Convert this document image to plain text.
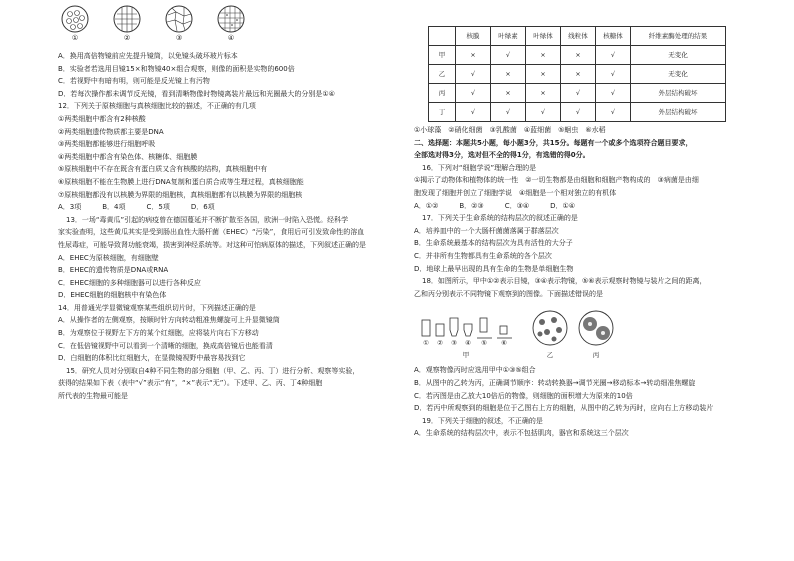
①	②	③	④
A．换用高倍物镜前应先提升镜筒，以免镜头破坏玻片标本
B．实验者若选用目镜15×和物镜40×组合观察，则像的面积是实物的600倍
C．若视野中有暗有明，则可能是反光镜上有污物
D．若每次操作都未调节反光镜，看到清晰物像时物镜离装片最远和光圈最大的分别是①④
12．下列关于原核细胞与真核细胞比较的描述，不正确的有几项
①两类细胞中都含有2种核酸
②两类细胞遗传物质都主要是DNA
③两类细胞都能够进行细胞呼吸
④两类细胞中都含有染色体、核糖体、细胞膜
⑤原核细胞中不存在既含有蛋白质又含有核酸的结构，真核细胞中有
⑥原核细胞不能在生物膜上进行DNA复制和蛋白质合成等生理过程，真核细胞能
⑦原核细胞都没有以核膜为界限的细胞核，真核细胞都有以核膜为界限的细胞核
A．3项　　　B．4项　　　C．5项　　　D．6项
13．一场“毒黄瓜”引起的病疫曾在德国蔓延并不断扩散至各国，欧洲一时陷入恐慌。经科学
家实验查明，这些黄瓜其实是受到肠出血性大肠杆菌（EHEC）“污染”，食用后可引发致命性的溶血
性尿毒症，可能导致肾功能衰竭，损害到神经系统等。对这种可怕病原体的描述，下列叙述正确的是
A．EHEC为原核细胞，有细胞壁
B．EHEC的遗传物质是DNA或RNA
C．EHEC细胞的多种细胞器可以进行各种反应
D．EHEC细胞的细胞核中有染色体
14．用普通光学显微镜观察某些组织切片时，下列描述正确的是
A．从操作者的左侧观察，按顺时针方向转动粗准焦螺旋可上升显微镜筒
B．为观察位于视野左下方的某个红细胞，应将装片向右下方移动
C．在低倍镜视野中可以看到一个清晰的细胞，换成高倍镜后也能看清
D．白细胞的体积比红细胞大，在显微镜视野中最容易找到它
15．研究人员对分别取自4种不同生物的部分细胞（甲、乙、丙、丁）进行分析、观察等实验，
获得的结果如下表（表中“√”表示“有”，“×”表示“无”）。下述甲、乙、丙、丁4种细胞
所代表的生物最可能是
	核膜	叶绿素	叶绿体	线粒体	核糖体	纤维素酶处理的结果
甲	×	√	×	×	√	无变化
乙	√	×	×	×	√	无变化
丙	√	×	×	√	√	外层结构破坏
丁	√	√	√	√	√	外层结构破坏
①小球藻　②硝化细菌　③乳酸菌　④蓝细菌　⑤蛔虫　⑥水稻
二、选择题：本题共5小题，每小题3分，共15分。每题有一个或多个选项符合题目要求，
全部选对得3分，选对但不全的得1分，有选错的得0分。
16．下列对“细胞学说”理解合理的是
①揭示了动物体和植物体的统一性　②一切生物都是由细胞和细胞产物构成的　③病菌是由细
胞发现了细胞并创立了细胞学说　④细胞是一个相对独立的有机体
A．①②　　　B．②③　　　C．③④　　　D．①④
17．下列关于生命系统的结构层次的叙述正确的是
A．培养皿中的一个大肠杆菌菌落属于群落层次
B．生命系统最基本的结构层次为具有活性的大分子
C．并非所有生物都具有生命系统的各个层次
D．地球上最早出现的具有生命的生物是单细胞生物
18．如图所示，甲中①②表示目镜，③④表示物镜，⑤⑥表示观察时物镜与装片之间的距离，
乙和丙分别表示不同物镜下观察到的图像。下面描述错误的是
① ② ③ ④ ⑤ ⑥
甲	乙	丙
A．观察物像丙时应选用甲中①③⑤组合
B．从图中的乙转为丙，正确调节顺序：转动转换器→调节光圈→移动标本→转动细准焦螺旋
C．若丙图是由乙放大10倍后的物像，则细胞的面积增大为原来的10倍
D．若丙中所观察到的细胞是位于乙图右上方的细胞，从图中的乙转为丙时，应向右上方移动装片
19．下列关于细胞的叙述，不正确的是
A．生命系统的结构层次中，表示不包括肌肉，器官和系统这三个层次
